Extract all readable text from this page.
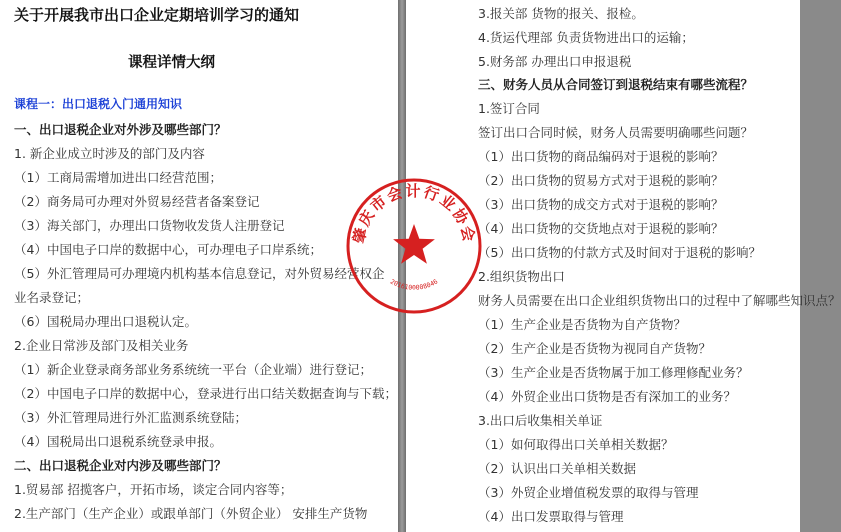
关于开展我市出口企业定期培训学习的通知
课程详情大纲
课程一：出口退税入门通用知识
一、出口退税企业对外涉及哪些部门？
1. 新企业成立时涉及的部门及内容
（1）工商局需增加进出口经营范围；
（2）商务局可办理对外贸易经营者备案登记
（3）海关部门，办理出口货物收发货人注册登记
（4）中国电子口岸的数据中心，可办理电子口岸系统；
（5）外汇管理局可办理境内机构基本信息登记，对外贸易经营权企
业名录登记；
（6）国税局办理出口退税认定。
2.企业日常涉及部门及相关业务
（1）新企业登录商务部业务系统统一平台（企业端）进行登记；
（2）中国电子口岸的数据中心，登录进行出口结关数据查询与下载；
（3）外汇管理局进行外汇监测系统登陆；
（4）国税局出口退税系统登录申报。
二、出口退税企业对内涉及哪些部门？
1.贸易部 招揽客户，开拓市场，谈定合同内容等；
2.生产部门（生产企业）或跟单部门（外贸企业） 安排生产货物
3.报关部 货物的报关、报检。
4.货运代理部 负责货物进出口的运输；
5.财务部 办理出口申报退税
三、财务人员从合同签订到退税结束有哪些流程？
1.签订合同
签订出口合同时候，财务人员需要明确哪些问题？
（1）出口货物的商品编码对于退税的影响？
（2）出口货物的贸易方式对于退税的影响？
（3）出口货物的成交方式对于退税的影响？
（4）出口货物的交货地点对于退税的影响？
（5）出口货物的付款方式及时间对于退税的影响？
2.组织货物出口
财务人员需要在出口企业组织货物出口的过程中了解哪些知识点？
（1）生产企业是否货物为自产货物？
（2）生产企业是否货物为视同自产货物？
（3）生产企业是否货物属于加工修理修配业务？
（4）外贸企业出口货物是否有深加工的业务？
3.出口后收集相关单证
（1）如何取得出口关单相关数据？
（2）认识出口关单相关数据
（3）外贸企业增值税发票的取得与管理
（4）出口发票取得与管理
肇庆市会计行业协会
2016100008046
